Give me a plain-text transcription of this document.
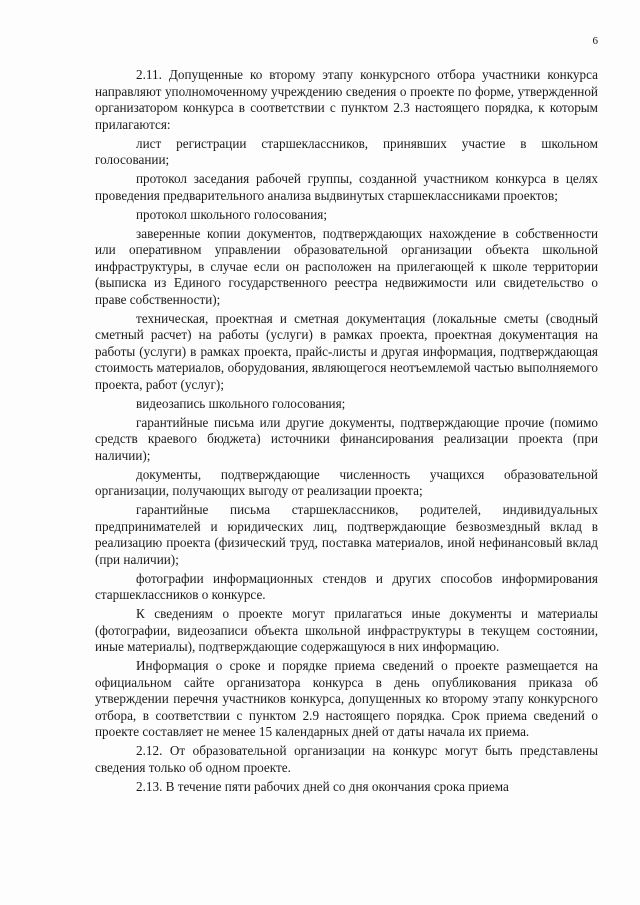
6

2.11. Допущенные ко второму этапу конкурсного отбора участники конкурса направляют уполномоченному учреждению сведения о проекте по форме, утвержденной организатором конкурса в соответствии с пунктом 2.3 настоящего порядка, к которым прилагаются:

лист регистрации старшеклассников, принявших участие в школьном голосовании;

протокол заседания рабочей группы, созданной участником конкурса в целях проведения предварительного анализа выдвинутых старшеклассниками проектов;

протокол школьного голосования;

заверенные копии документов, подтверждающих нахождение в собственности или оперативном управлении образовательной организации объекта школьной инфраструктуры, в случае если он расположен на прилегающей к школе территории (выписка из Единого государственного реестра недвижимости или свидетельство о праве собственности);

техническая, проектная и сметная документация (локальные сметы (сводный сметный расчет) на работы (услуги) в рамках проекта, проектная документация на работы (услуги) в рамках проекта, прайс-листы и другая информация, подтверждающая стоимость материалов, оборудования, являющегося неотъемлемой частью выполняемого проекта, работ (услуг);

видеозапись школьного голосования;

гарантийные письма или другие документы, подтверждающие прочие (помимо средств краевого бюджета) источники финансирования реализации проекта (при наличии);

документы, подтверждающие численность учащихся образовательной организации, получающих выгоду от реализации проекта;

гарантийные письма старшеклассников, родителей, индивидуальных предпринимателей и юридических лиц, подтверждающие безвозмездный вклад в реализацию проекта (физический труд, поставка материалов, иной нефинансовый вклад (при наличии);

фотографии информационных стендов и других способов информирования старшеклассников о конкурсе.

К сведениям о проекте могут прилагаться иные документы и материалы (фотографии, видеозаписи объекта школьной инфраструктуры в текущем состоянии, иные материалы), подтверждающие содержащуюся в них информацию.

Информация о сроке и порядке приема сведений о проекте размещается на официальном сайте организатора конкурса в день опубликования приказа об утверждении перечня участников конкурса, допущенных ко второму этапу конкурсного отбора, в соответствии с пунктом 2.9 настоящего порядка. Срок приема сведений о проекте составляет не менее 15 календарных дней от даты начала их приема.

2.12. От образовательной организации на конкурс могут быть представлены сведения только об одном проекте.

2.13. В течение пяти рабочих дней со дня окончания срока приема
